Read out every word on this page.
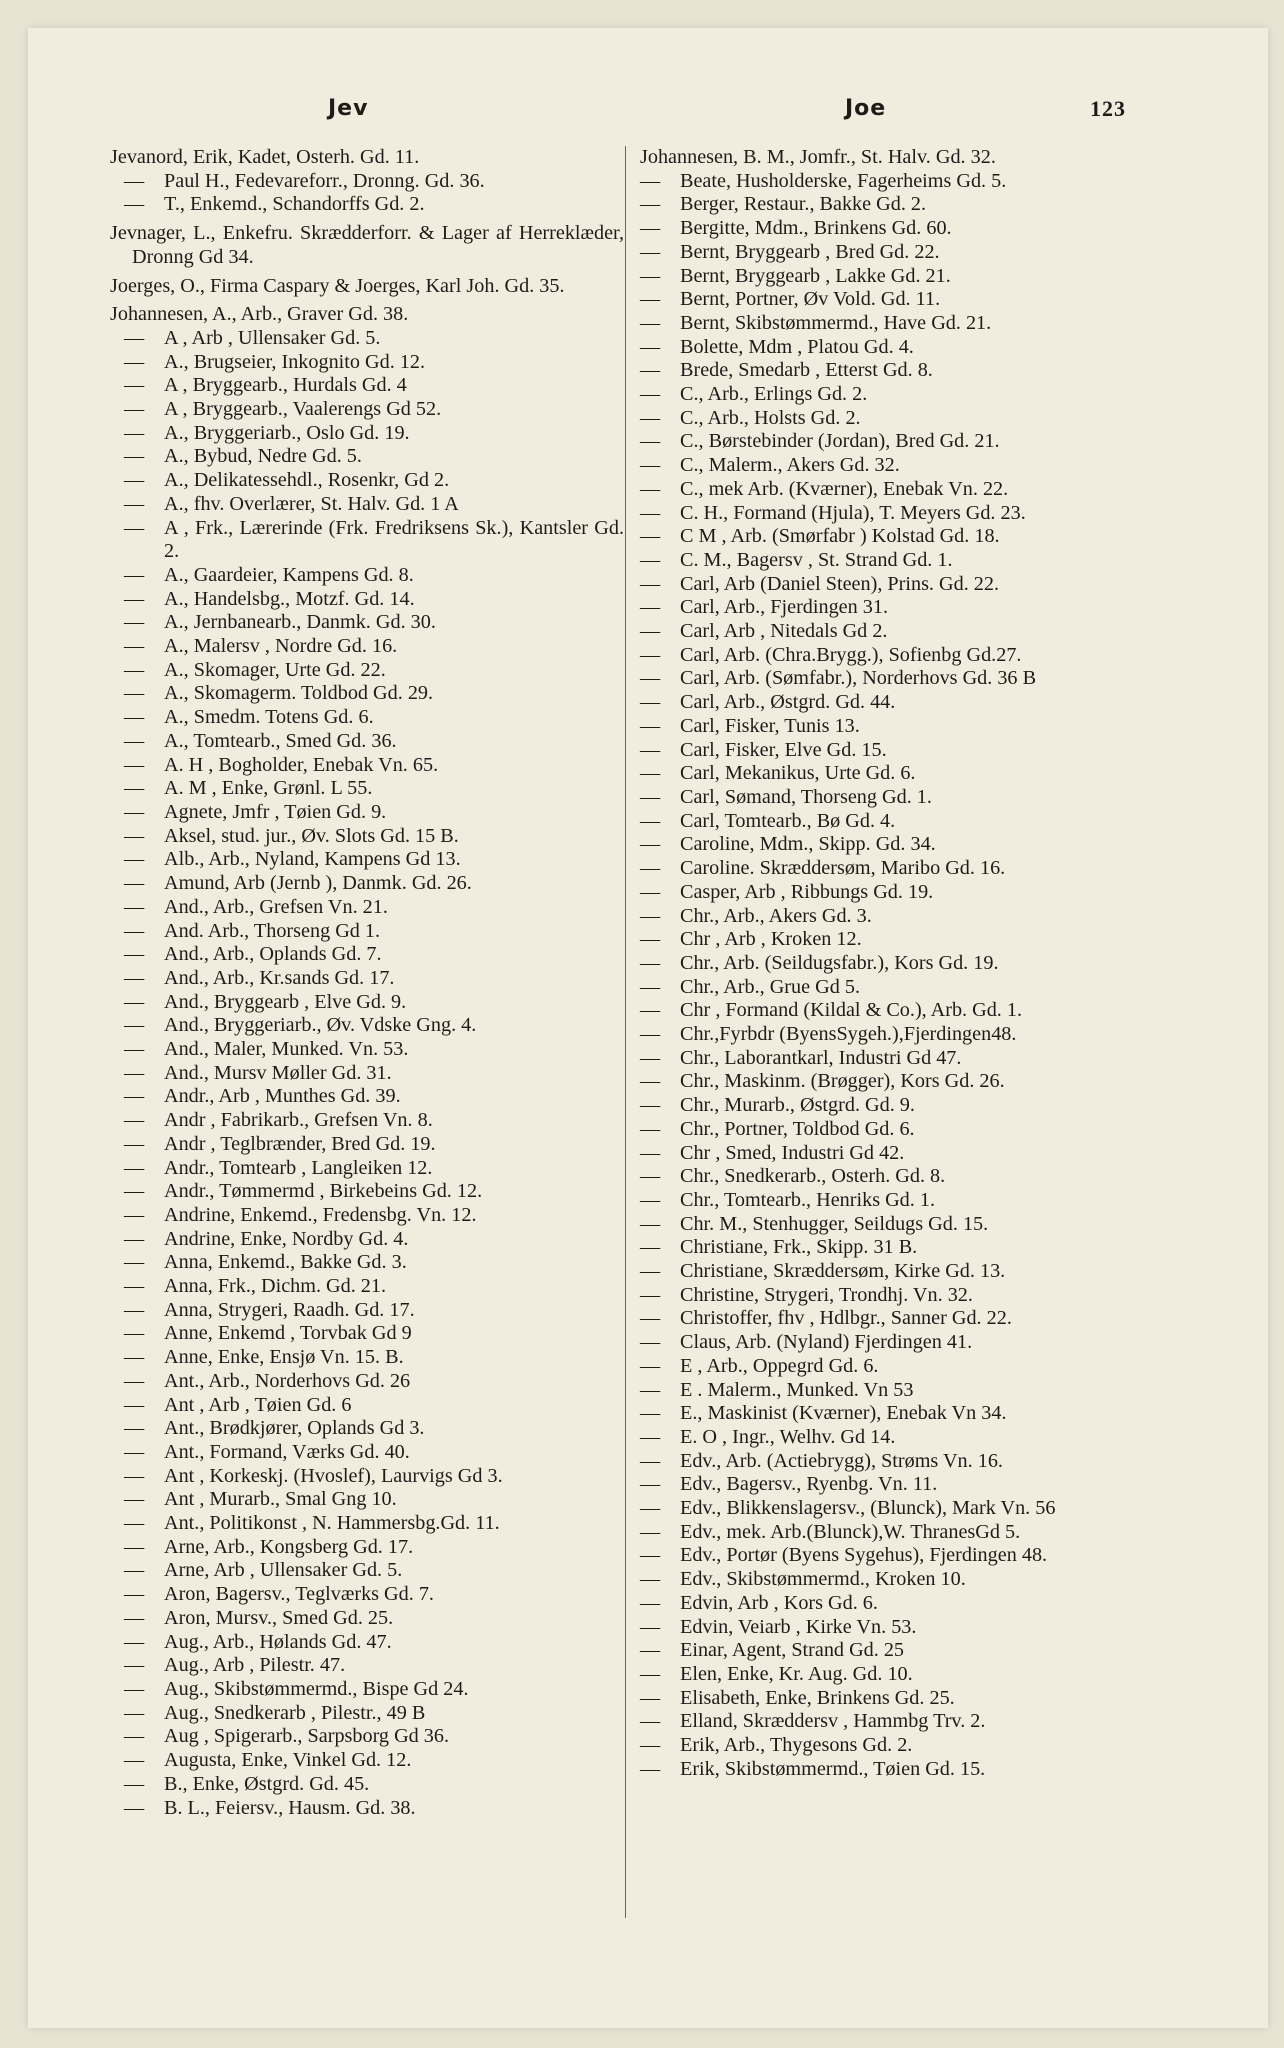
Jev	Joe	123
Jevanord, Erik, Kadet, Osterh. Gd. 11.
— Paul H., Fedevareforr., Dronng. Gd. 36.
— T., Enkemd., Schandorffs Gd. 2.
Jevnager, L., Enkefru. Skrædderforr. & Lager af Herreklæder, Dronng Gd 34.
Joerges, O., Firma Caspary & Joerges, Karl Joh. Gd. 35.
Johannesen, A., Arb., Graver Gd. 38.
— A , Arb , Ullensaker Gd. 5.
— A., Brugseier, Inkognito Gd. 12.
— A , Bryggearb., Hurdals Gd. 4
— A , Bryggearb., Vaalerengs Gd 52.
— A., Bryggeriarb., Oslo Gd. 19.
— A., Bybud, Nedre Gd. 5.
— A., Delikatessehdl., Rosenkr, Gd 2.
— A., fhv. Overlærer, St. Halv. Gd. 1 A
— A , Frk., Lærerinde (Frk. Fredriksens Sk.), Kantsler Gd. 2.
— A., Gaardeier, Kampens Gd. 8.
— A., Handelsbg., Motzf. Gd. 14.
— A., Jernbanearb., Danmk. Gd. 30.
— A., Malersv , Nordre Gd. 16.
— A., Skomager, Urte Gd. 22.
— A., Skomagerm. Toldbod Gd. 29.
— A., Smedm. Totens Gd. 6.
— A., Tomtearb., Smed Gd. 36.
— A. H , Bogholder, Enebak Vn. 65.
— A. M , Enke, Grønl. L 55.
— Agnete, Jmfr , Tøien Gd. 9.
— Aksel, stud. jur., Øv. Slots Gd. 15 B.
— Alb., Arb., Nyland, Kampens Gd 13.
— Amund, Arb (Jernb ), Danmk. Gd. 26.
— And., Arb., Grefsen Vn. 21.
— And. Arb., Thorseng Gd 1.
— And., Arb., Oplands Gd. 7.
— And., Arb., Kr.sands Gd. 17.
— And., Bryggearb , Elve Gd. 9.
— And., Bryggeriarb., Øv. Vdske Gng. 4.
— And., Maler, Munked. Vn. 53.
— And., Mursv Møller Gd. 31.
— Andr., Arb , Munthes Gd. 39.
— Andr , Fabrikarb., Grefsen Vn. 8.
— Andr , Teglbrænder, Bred Gd. 19.
— Andr., Tomtearb , Langleiken 12.
— Andr., Tømmermd , Birkebeins Gd. 12.
— Andrine, Enkemd., Fredensbg. Vn. 12.
— Andrine, Enke, Nordby Gd. 4.
— Anna, Enkemd., Bakke Gd. 3.
— Anna, Frk., Dichm. Gd. 21.
— Anna, Strygeri, Raadh. Gd. 17.
— Anne, Enkemd , Torvbak Gd 9
— Anne, Enke, Ensjø Vn. 15. B.
— Ant., Arb., Norderhovs Gd. 26
— Ant , Arb , Tøien Gd. 6
— Ant., Brødkjører, Oplands Gd 3.
— Ant., Formand, Værks Gd. 40.
— Ant , Korkeskj. (Hvoslef), Laurvigs Gd 3.
— Ant , Murarb., Smal Gng 10.
— Ant., Politikonst , N. Hammersbg.Gd. 11.
— Arne, Arb., Kongsberg Gd. 17.
— Arne, Arb , Ullensaker Gd. 5.
— Aron, Bagersv., Teglværks Gd. 7.
— Aron, Mursv., Smed Gd. 25.
— Aug., Arb., Hølands Gd. 47.
— Aug., Arb , Pilestr. 47.
— Aug., Skibstømmermd., Bispe Gd 24.
— Aug., Snedkerarb , Pilestr., 49 B
— Aug , Spigerarb., Sarpsborg Gd 36.
— Augusta, Enke, Vinkel Gd. 12.
— B., Enke, Østgrd. Gd. 45.
— B. L., Feiersv., Hausm. Gd. 38.
Johannesen, B. M., Jomfr., St. Halv. Gd. 32.
— Beate, Husholderske, Fagerheims Gd. 5.
— Berger, Restaur., Bakke Gd. 2.
— Bergitte, Mdm., Brinkens Gd. 60.
— Bernt, Bryggearb , Bred Gd. 22.
— Bernt, Bryggearb , Lakke Gd. 21.
— Bernt, Portner, Øv Vold. Gd. 11.
— Bernt, Skibstømmermd., Have Gd. 21.
— Bolette, Mdm , Platou Gd. 4.
— Brede, Smedarb , Etterst Gd. 8.
— C., Arb., Erlings Gd. 2.
— C., Arb., Holsts Gd. 2.
— C., Børstebinder (Jordan), Bred Gd. 21.
— C., Malerm., Akers Gd. 32.
— C., mek Arb. (Kværner), Enebak Vn. 22.
— C. H., Formand (Hjula), T. Meyers Gd. 23.
— C M , Arb. (Smørfabr ) Kolstad Gd. 18.
— C. M., Bagersv , St. Strand Gd. 1.
— Carl, Arb (Daniel Steen), Prins. Gd. 22.
— Carl, Arb., Fjerdingen 31.
— Carl, Arb , Nitedals Gd 2.
— Carl, Arb. (Chra.Brygg.), Sofienbg Gd.27.
— Carl, Arb. (Sømfabr.), Norderhovs Gd. 36 B
— Carl, Arb., Østgrd. Gd. 44.
— Carl, Fisker, Tunis 13.
— Carl, Fisker, Elve Gd. 15.
— Carl, Mekanikus, Urte Gd. 6.
— Carl, Sømand, Thorseng Gd. 1.
— Carl, Tomtearb., Bø Gd. 4.
— Caroline, Mdm., Skipp. Gd. 34.
— Caroline. Skræddersøm, Maribo Gd. 16.
— Casper, Arb , Ribbungs Gd. 19.
— Chr., Arb., Akers Gd. 3.
— Chr , Arb , Kroken 12.
— Chr., Arb. (Seildugsfabr.), Kors Gd. 19.
— Chr., Arb., Grue Gd 5.
— Chr , Formand (Kildal & Co.), Arb. Gd. 1.
— Chr.,Fyrbdr (ByensSygeh.),Fjerdingen48.
— Chr., Laborantkarl, Industri Gd 47.
— Chr., Maskinm. (Brøgger), Kors Gd. 26.
— Chr., Murarb., Østgrd. Gd. 9.
— Chr., Portner, Toldbod Gd. 6.
— Chr , Smed, Industri Gd 42.
— Chr., Snedkerarb., Osterh. Gd. 8.
— Chr., Tomtearb., Henriks Gd. 1.
— Chr. M., Stenhugger, Seildugs Gd. 15.
— Christiane, Frk., Skipp. 31 B.
— Christiane, Skræddersøm, Kirke Gd. 13.
— Christine, Strygeri, Trondhj. Vn. 32.
— Christoffer, fhv , Hdlbgr., Sanner Gd. 22.
— Claus, Arb. (Nyland) Fjerdingen 41.
— E , Arb., Oppegrd Gd. 6.
— E . Malerm., Munked. Vn 53
— E., Maskinist (Kværner), Enebak Vn 34.
— E. O , Ingr., Welhv. Gd 14.
— Edv., Arb. (Actiebrygg), Strøms Vn. 16.
— Edv., Bagersv., Ryenbg. Vn. 11.
— Edv., Blikkenslagersv., (Blunck), Mark Vn. 56
— Edv., mek. Arb.(Blunck),W. ThranesGd 5.
— Edv., Portør (Byens Sygehus), Fjerdingen 48.
— Edv., Skibstømmermd., Kroken 10.
— Edvin, Arb , Kors Gd. 6.
— Edvin, Veiarb , Kirke Vn. 53.
— Einar, Agent, Strand Gd. 25
— Elen, Enke, Kr. Aug. Gd. 10.
— Elisabeth, Enke, Brinkens Gd. 25.
— Elland, Skræddersv , Hammbg Trv. 2.
— Erik, Arb., Thygesons Gd. 2.
— Erik, Skibstømmermd., Tøien Gd. 15.
